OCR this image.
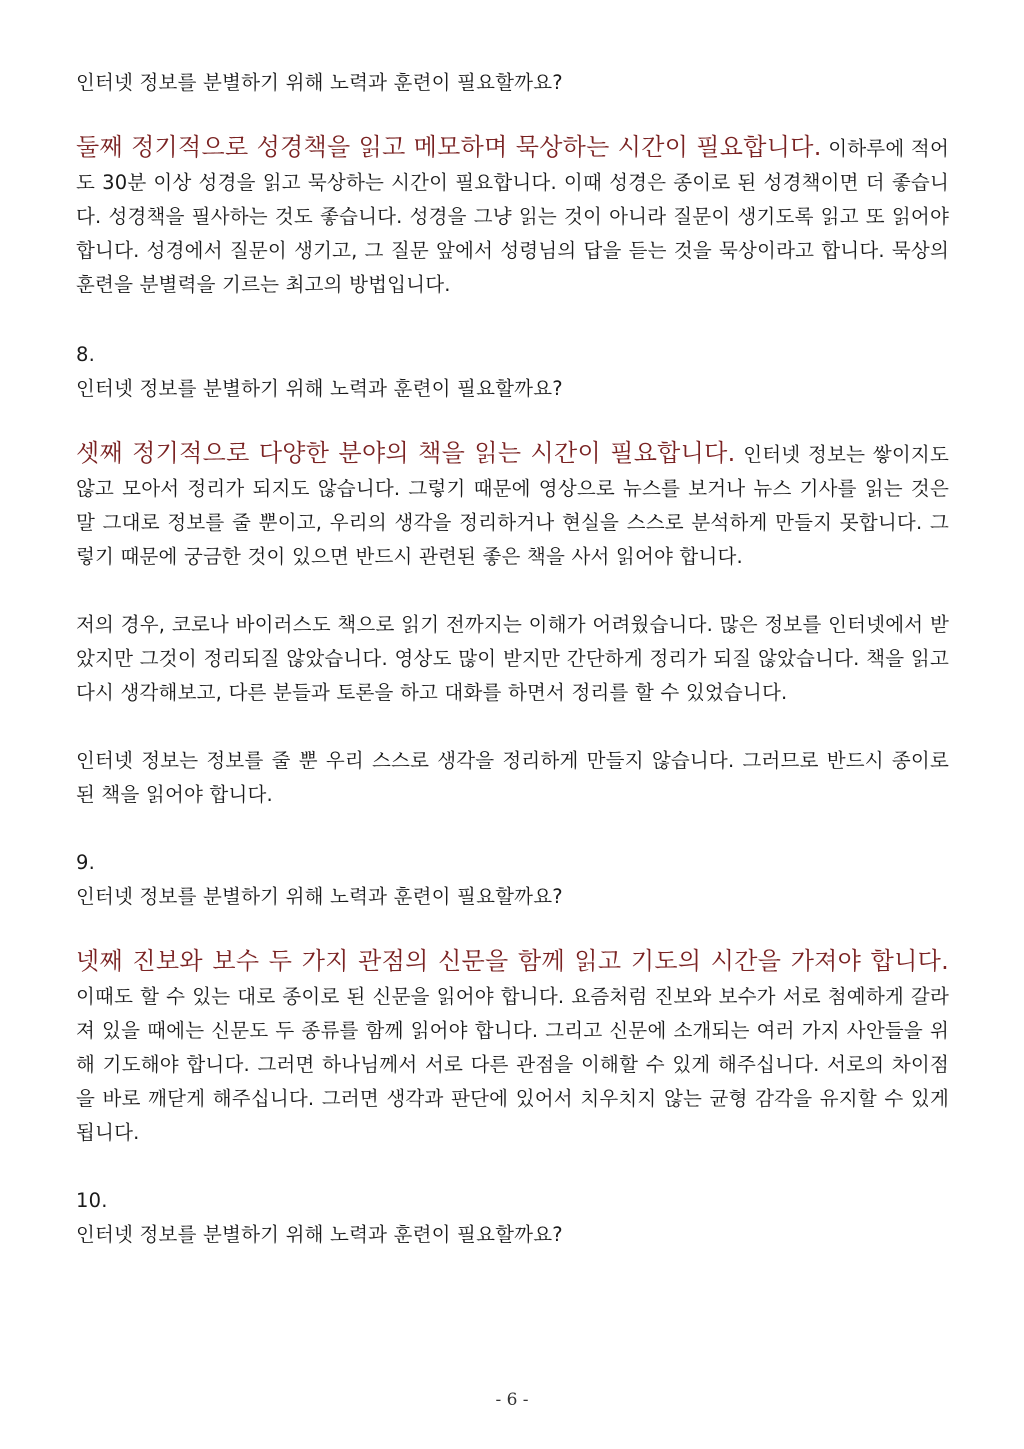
인터넷 정보를 분별하기 위해 노력과 훈련이 필요할까요?

둘째 정기적으로 성경책을 읽고 메모하며 묵상하는 시간이 필요합니다. 이하루에 적어도 30분 이상 성경을 읽고 묵상하는 시간이 필요합니다. 이때 성경은 종이로 된 성경책이면 더 좋습니다. 성경책을 필사하는 것도 좋습니다. 성경을 그냥 읽는 것이 아니라 질문이 생기도록 읽고 또 읽어야 합니다. 성경에서 질문이 생기고, 그 질문 앞에서 성령님의 답을 듣는 것을 묵상이라고 합니다. 묵상의 훈련을 분별력을 기르는 최고의 방법입니다.

8.

인터넷 정보를 분별하기 위해 노력과 훈련이 필요할까요?

셋째 정기적으로 다양한 분야의 책을 읽는 시간이 필요합니다. 인터넷 정보는 쌓이지도 않고 모아서 정리가 되지도 않습니다. 그렇기 때문에 영상으로 뉴스를 보거나 뉴스 기사를 읽는 것은 말 그대로 정보를 줄 뿐이고, 우리의 생각을 정리하거나 현실을 스스로 분석하게 만들지 못합니다. 그렇기 때문에 궁금한 것이 있으면 반드시 관련된 좋은 책을 사서 읽어야 합니다.

저의 경우, 코로나 바이러스도 책으로 읽기 전까지는 이해가 어려웠습니다. 많은 정보를 인터넷에서 받았지만 그것이 정리되질 않았습니다. 영상도 많이 받지만 간단하게 정리가 되질 않았습니다. 책을 읽고 다시 생각해보고, 다른 분들과 토론을 하고 대화를 하면서 정리를 할 수 있었습니다.

인터넷 정보는 정보를 줄 뿐 우리 스스로 생각을 정리하게 만들지 않습니다. 그러므로 반드시 종이로 된 책을 읽어야 합니다.

9.

인터넷 정보를 분별하기 위해 노력과 훈련이 필요할까요?

넷째 진보와 보수 두 가지 관점의 신문을 함께 읽고 기도의 시간을 가져야 합니다. 이때도 할 수 있는 대로 종이로 된 신문을 읽어야 합니다. 요즘처럼 진보와 보수가 서로 첨예하게 갈라져 있을 때에는 신문도 두 종류를 함께 읽어야 합니다. 그리고 신문에 소개되는 여러 가지 사안들을 위해 기도해야 합니다. 그러면 하나님께서 서로 다른 관점을 이해할 수 있게 해주십니다. 서로의 차이점을 바로 깨닫게 해주십니다. 그러면 생각과 판단에 있어서 치우치지 않는 균형 감각을 유지할 수 있게 됩니다.

10.

인터넷 정보를 분별하기 위해 노력과 훈련이 필요할까요?

- 6 -
